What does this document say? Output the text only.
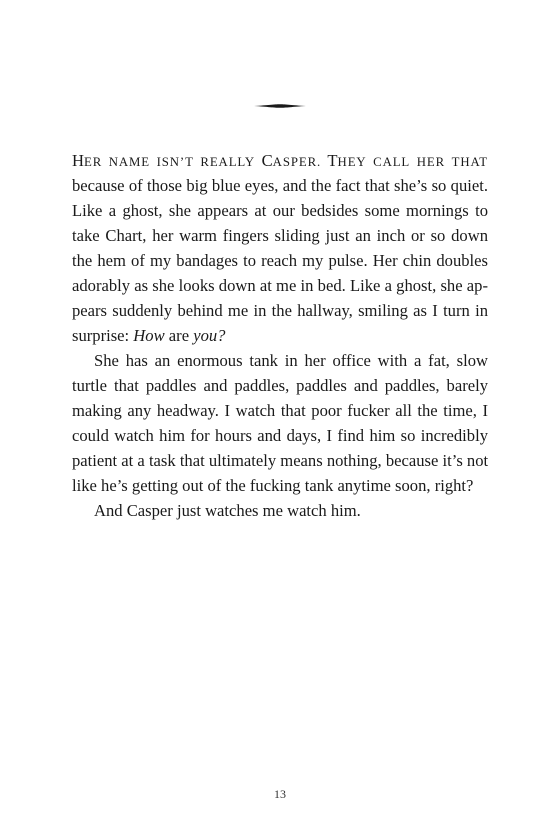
HER NAME ISN’T REALLY CASPER. THEY CALL HER THAT
because of those big blue eyes, and the fact that she’s so quiet.
Like a ghost, she appears at our bedsides some mornings to
take Chart, her warm fingers sliding just an inch or so down
the hem of my bandages to reach my pulse. Her chin doubles
adorably as she looks down at me in bed. Like a ghost, she ap-
pears suddenly behind me in the hallway, smiling as I turn in
surprise: How are you?
She has an enormous tank in her office with a fat, slow
turtle that paddles and paddles, paddles and paddles, barely
making any headway. I watch that poor fucker all the time, I
could watch him for hours and days, I find him so incredibly
patient at a task that ultimately means nothing, because it’s not
like he’s getting out of the fucking tank anytime soon, right?
And Casper just watches me watch him.
13
